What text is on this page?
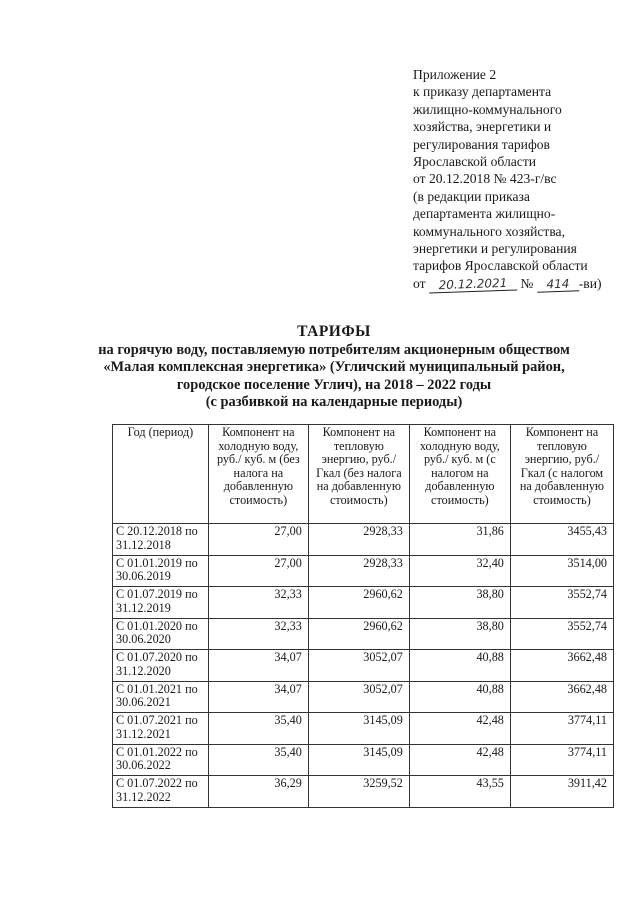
Приложение 2
к приказу департамента
жилищно-коммунального
хозяйства, энергетики и
регулирования тарифов
Ярославской области
от 20.12.2018 № 423-г/вс
(в редакции приказа
департамента жилищно-
коммунального хозяйства,
энергетики и регулирования
тарифов Ярославской области
от 20.12.2021 № 414 -ви)
ТАРИФЫ
на горячую воду, поставляемую потребителям акционерным обществом
«Малая комплексная энергетика» (Угличский муниципальный район,
городское поселение Углич), на 2018 – 2022 годы
(с разбивкой на календарные периоды)
Год (период)	Компонент на холодную воду, руб./ куб. м (без налога на добавленную стоимость)	Компонент на тепловую энергию, руб./Гкал (без налога на добавленную стоимость)	Компонент на холодную воду, руб./ куб. м (с налогом на добавленную стоимость)	Компонент на тепловую энергию, руб./Гкал (с налогом на добавленную стоимость)
С 20.12.2018 по 31.12.2018	27,00	2928,33	31,86	3455,43
С 01.01.2019 по 30.06.2019	27,00	2928,33	32,40	3514,00
С 01.07.2019 по 31.12.2019	32,33	2960,62	38,80	3552,74
С 01.01.2020 по 30.06.2020	32,33	2960,62	38,80	3552,74
С 01.07.2020 по 31.12.2020	34,07	3052,07	40,88	3662,48
С 01.01.2021 по 30.06.2021	34,07	3052,07	40,88	3662,48
С 01.07.2021 по 31.12.2021	35,40	3145,09	42,48	3774,11
С 01.01.2022 по 30.06.2022	35,40	3145,09	42,48	3774,11
С 01.07.2022 по 31.12.2022	36,29	3259,52	43,55	3911,42
